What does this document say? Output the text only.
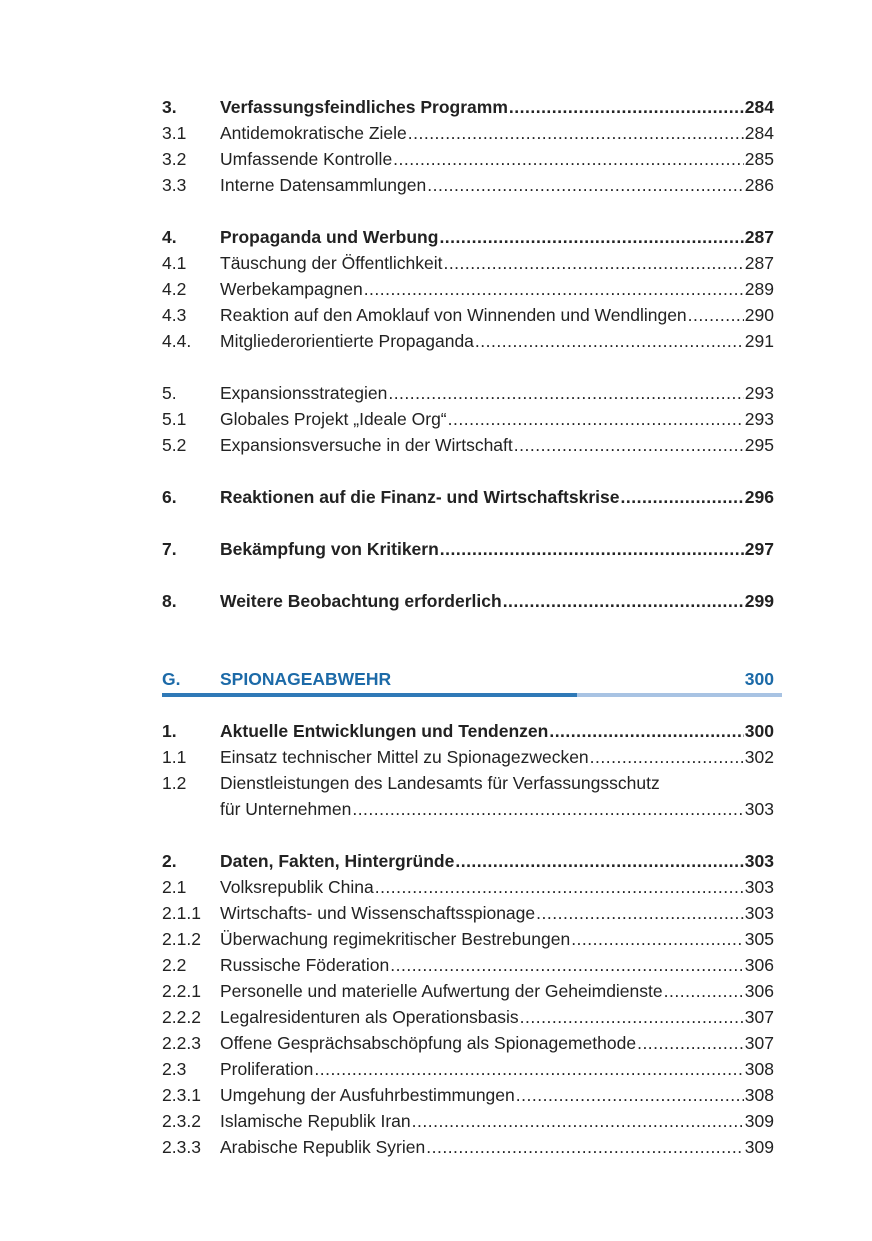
3.	Verfassungsfeindliches Programm .....	284
3.1	Antidemokratische Ziele .....	284
3.2	Umfassende Kontrolle .....	285
3.3	Interne Datensammlungen .....	286
4.	Propaganda und Werbung .....	287
4.1	Täuschung der Öffentlichkeit .....	287
4.2	Werbekampagnen .....	289
4.3	Reaktion auf den Amoklauf von Winnenden und Wendlingen .....	290
4.4.	Mitgliederorientierte Propaganda .....	291
5.	Expansionsstrategien .....	293
5.1	Globales Projekt „Ideale Org“ .....	293
5.2	Expansionsversuche in der Wirtschaft .....	295
6.	Reaktionen auf die Finanz- und Wirtschaftskrise .....	296
7.	Bekämpfung von Kritikern .....	297
8.	Weitere Beobachtung erforderlich .....	299
G.	SPIONAGEABWEHR	300
1.	Aktuelle Entwicklungen und Tendenzen .....	300
1.1	Einsatz technischer Mittel zu Spionagezwecken .....	302
1.2	Dienstleistungen des Landesamts für Verfassungsschutz
für Unternehmen .....	303
2.	Daten, Fakten, Hintergründe .....	303
2.1	Volksrepublik China .....	303
2.1.1	Wirtschafts- und Wissenschaftsspionage .....	303
2.1.2	Überwachung regimekritischer Bestrebungen .....	305
2.2	Russische Föderation .....	306
2.2.1	Personelle und materielle Aufwertung der Geheimdienste .....	306
2.2.2	Legalresidenturen als Operationsbasis .....	307
2.2.3	Offene Gesprächsabschöpfung als Spionagemethode .....	307
2.3	Proliferation .....	308
2.3.1	Umgehung der Ausfuhrbestimmungen .....	308
2.3.2	Islamische Republik Iran .....	309
2.3.3	Arabische Republik Syrien .....	309
